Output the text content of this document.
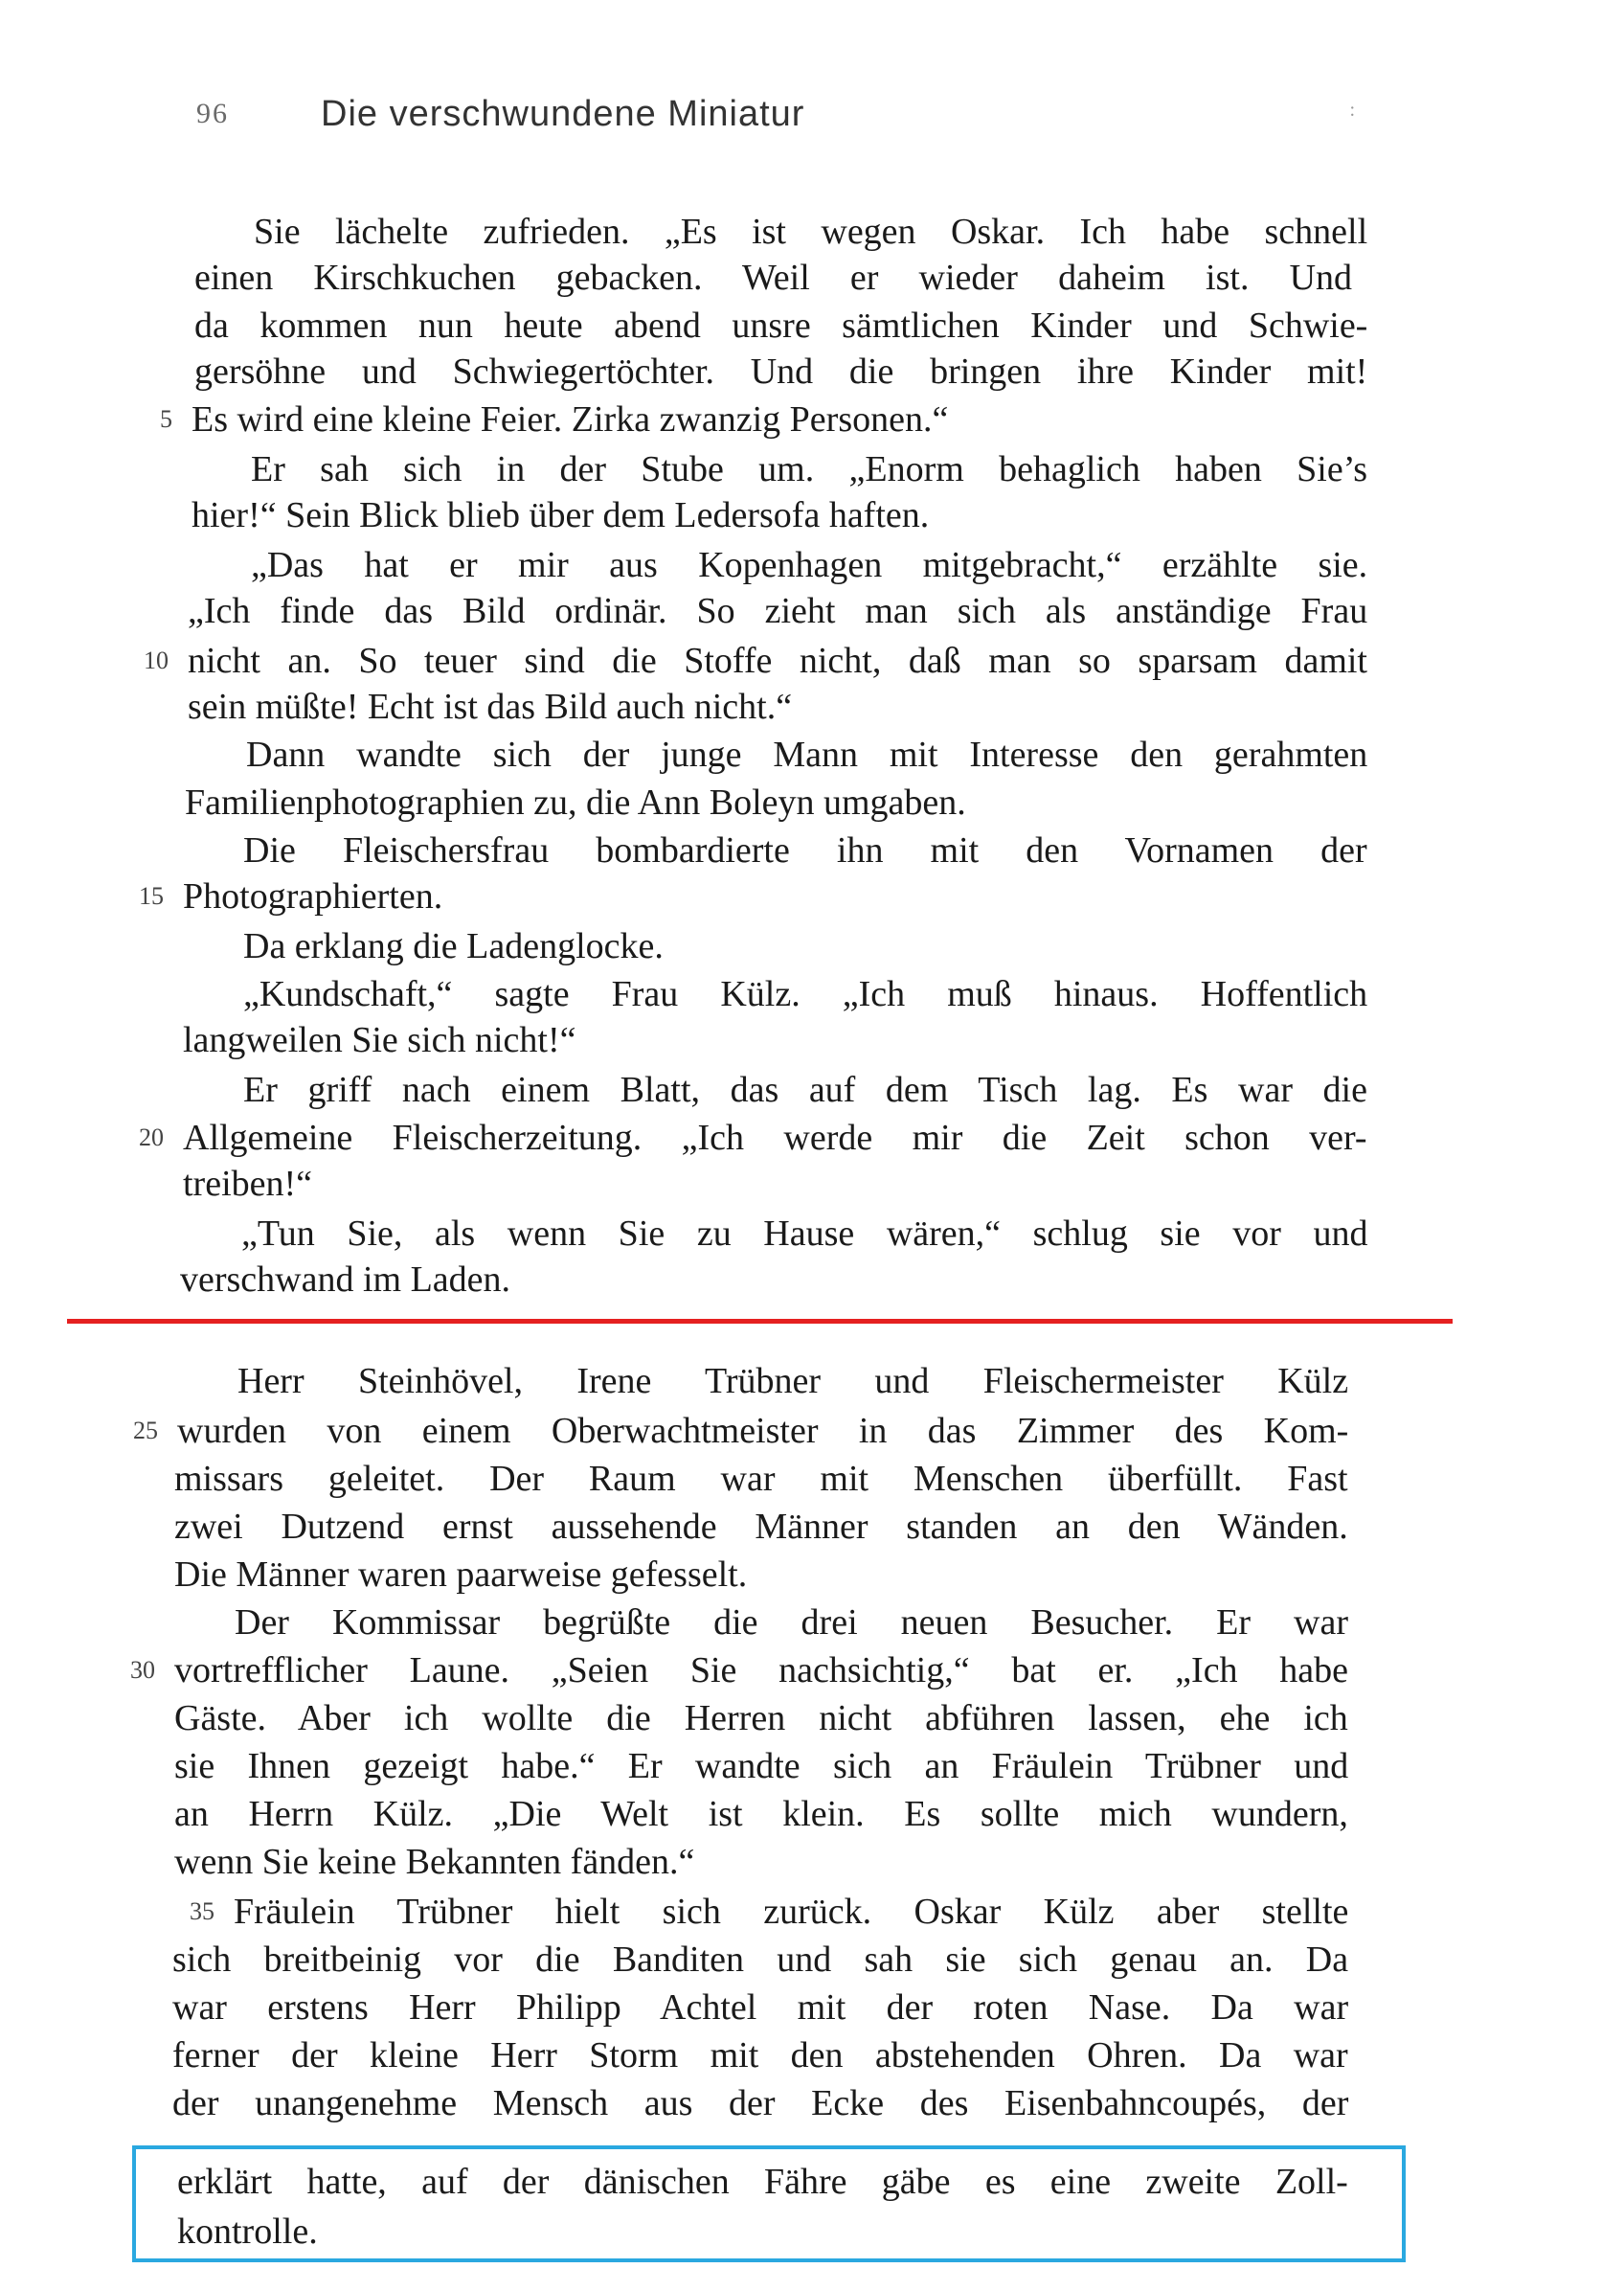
96	Die verschwundene Miniatur	:
Sie lächelte zufrieden. „Es ist wegen Oskar. Ich habe schnell
einen Kirschkuchen gebacken. Weil er wieder daheim ist. Und
da kommen nun heute abend unsre sämtlichen Kinder und Schwie-
gersöhne und Schwiegertöchter. Und die bringen ihre Kinder mit!
Es wird eine kleine Feier. Zirka zwanzig Personen.“
5
Er sah sich in der Stube um. „Enorm behaglich haben Sie’s
hier!“ Sein Blick blieb über dem Ledersofa haften.
„Das hat er mir aus Kopenhagen mitgebracht,“ erzählte sie.
„Ich finde das Bild ordinär. So zieht man sich als anständige Frau
nicht an. So teuer sind die Stoffe nicht, daß man so sparsam damit
10
sein müßte! Echt ist das Bild auch nicht.“
Dann wandte sich der junge Mann mit Interesse den gerahmten
Familienphotographien zu, die Ann Boleyn umgaben.
Die Fleischersfrau bombardierte ihn mit den Vornamen der
Photographierten.
15
Da erklang die Ladenglocke.
„Kundschaft,“ sagte Frau Külz. „Ich muß hinaus. Hoffentlich
langweilen Sie sich nicht!“
Er griff nach einem Blatt, das auf dem Tisch lag. Es war die
Allgemeine Fleischerzeitung. „Ich werde mir die Zeit schon ver-
20
treiben!“
„Tun Sie, als wenn Sie zu Hause wären,“ schlug sie vor und
verschwand im Laden.
Herr Steinhövel, Irene Trübner und Fleischermeister Külz
wurden von einem Oberwachtmeister in das Zimmer des Kom-
25
missars geleitet. Der Raum war mit Menschen überfüllt. Fast
zwei Dutzend ernst aussehende Männer standen an den Wänden.
Die Männer waren paarweise gefesselt.
Der Kommissar begrüßte die drei neuen Besucher. Er war
vortrefflicher Laune. „Seien Sie nachsichtig,“ bat er. „Ich habe
30
Gäste. Aber ich wollte die Herren nicht abführen lassen, ehe ich
sie Ihnen gezeigt habe.“ Er wandte sich an Fräulein Trübner und
an Herrn Külz. „Die Welt ist klein. Es sollte mich wundern,
wenn Sie keine Bekannten fänden.“
Fräulein Trübner hielt sich zurück. Oskar Külz aber stellte
35
sich breitbeinig vor die Banditen und sah sie sich genau an. Da
war erstens Herr Philipp Achtel mit der roten Nase. Da war
ferner der kleine Herr Storm mit den abstehenden Ohren. Da war
der unangenehme Mensch aus der Ecke des Eisenbahncoupés, der
erklärt hatte, auf der dänischen Fähre gäbe es eine zweite Zoll-
kontrolle.
